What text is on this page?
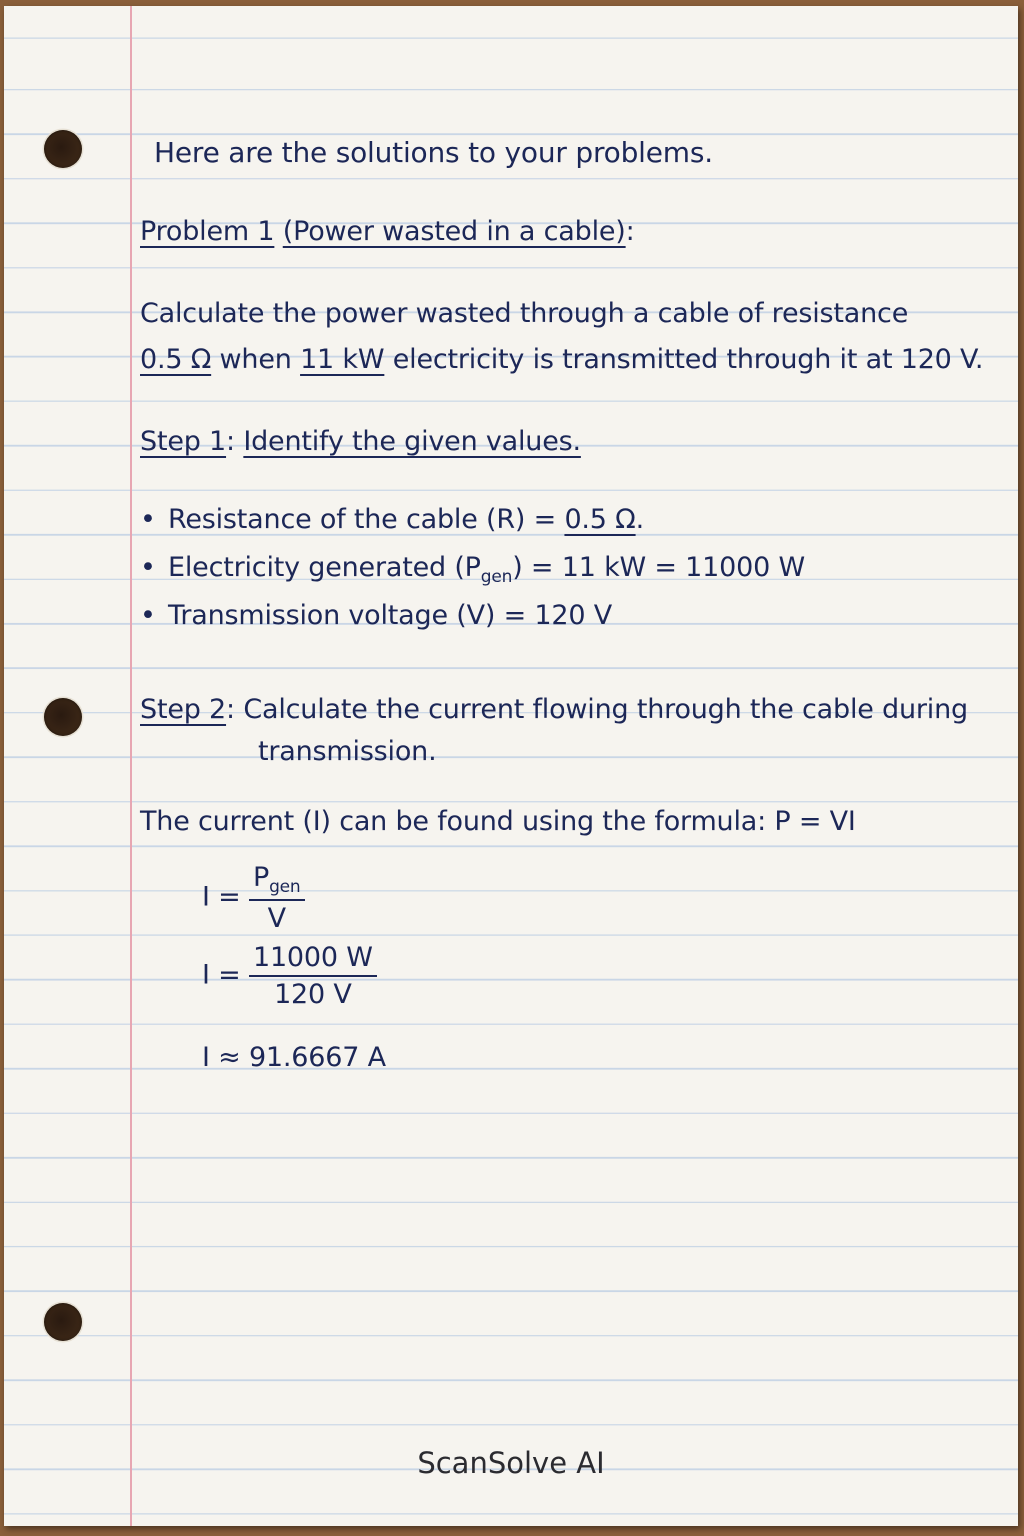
Here are the solutions to your problems.

Problem 1 (Power wasted in a cable):

Calculate the power wasted through a cable of resistance

0.5 Ω when 11 kW electricity is transmitted through it at 120 V.

Step 1: Identify the given values.

• Resistance of the cable (R) = 0.5 Ω.

• Electricity generated $(P_{gen}) = 11$ kW = 11000 W

• Transmission voltage (V) = 120 V

Step 2: Calculate the current flowing through the cable during

transmission.

The current (I) can be found using the formula: P = VI

$I = \frac{P_{gen}}{V}$
$I = \frac{11000 W}{120 V}$

I ≈ 91.6667 A

ScanSolve AI
